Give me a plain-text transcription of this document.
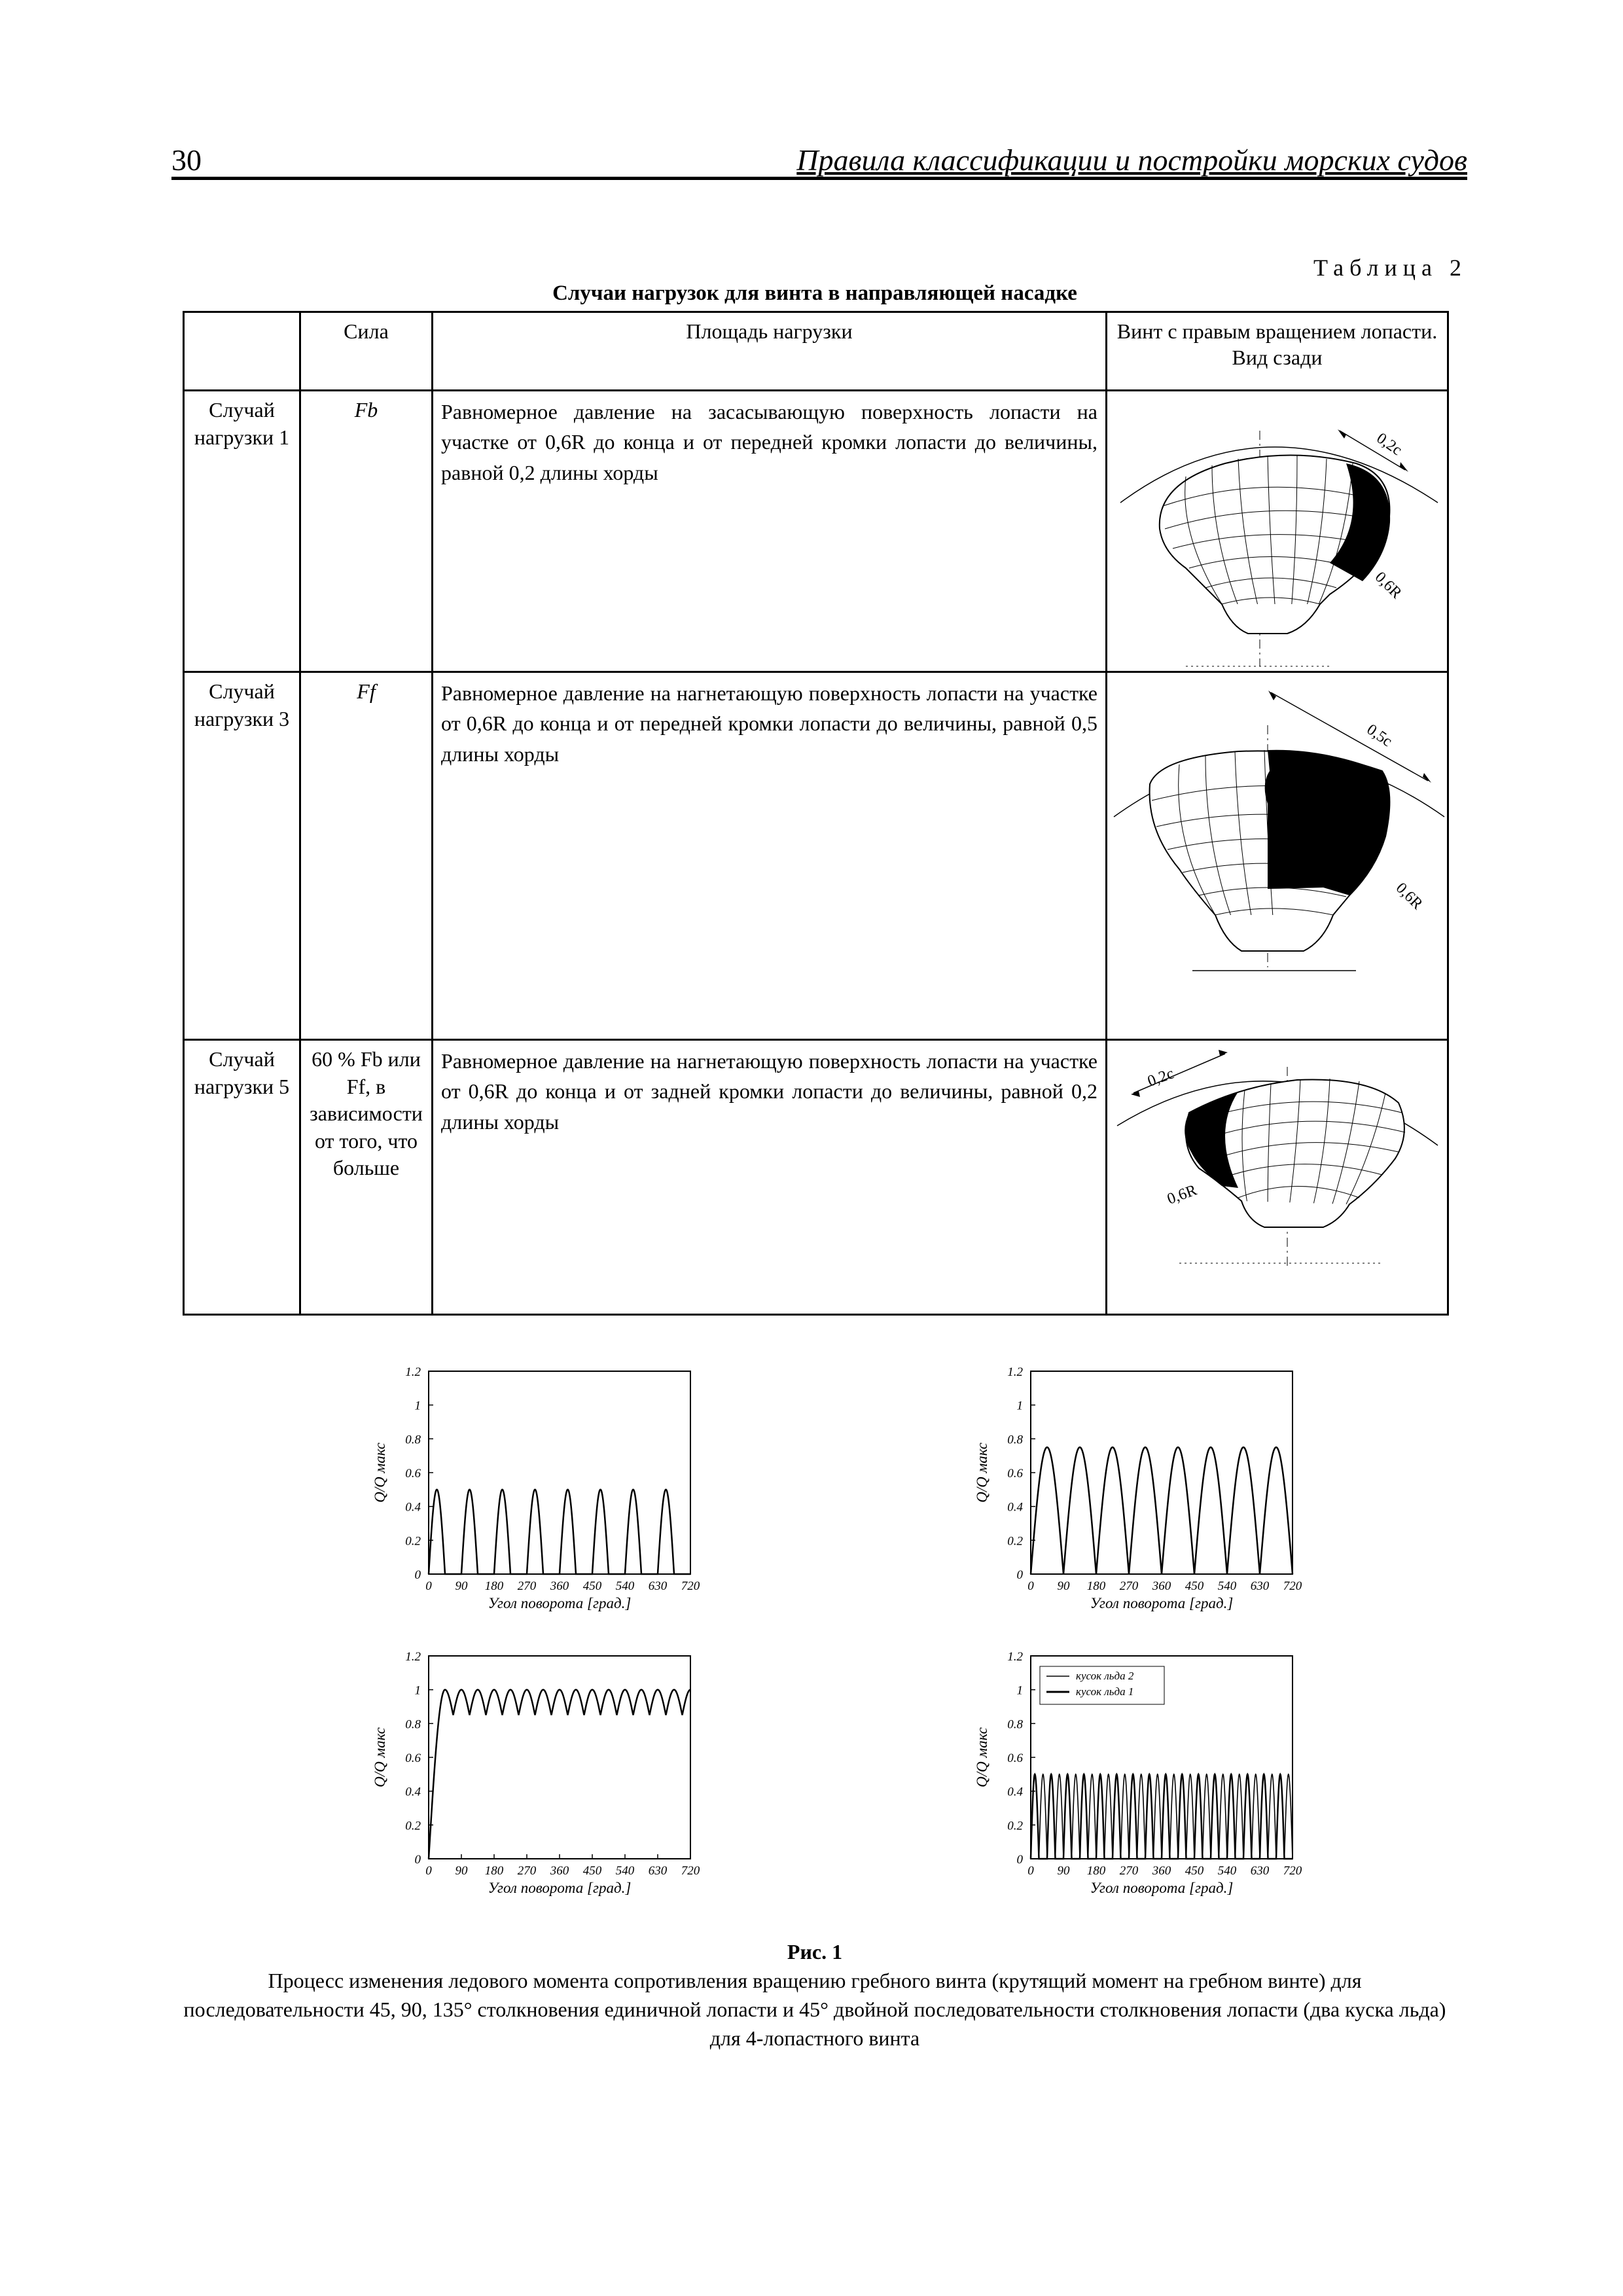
30	Правила классификации и постройки морских судов
Таблица 2
Случаи нагрузок для винта в направляющей насадке
	Сила	Площадь нагрузки	Винт с правым вращением лопасти. Вид сзади
Случай нагрузки 1	Fb	Равномерное давление на засасывающую поверхность лопасти на участке от 0,6R до конца и от передней кромки лопасти до величины, равной 0,2 длины хорды	0,2c
0,6R

Случай нагрузки 3	Ff	Равномерное давление на нагнетающую поверхность лопасти на участке от 0,6R до конца и от передней кромки лопасти до величины, равной 0,5 длины хорды	0,5c
0,6R

Случай нагрузки 5	60 % Fb или Ff, в зависимости от того, что больше	Равномерное давление на нагнетающую поверхность лопасти на участке от 0,6R до конца и от задней кромки лопасти до величины, равной 0,2 длины хорды	0,2c
0,6R
0
0.2
0.4
0.6
0.8
1
1.2
0 90 180 270 360 450 540 630 720
Угол поворота [град.]
Q/Q макс
0
0.2
0.4
0.6
0.8
1
1.2
0 90 180 270 360 450 540 630 720
Угол поворота [град.]
Q/Q макс
0
0.2
0.4
0.6
0.8
1
1.2
0 90 180 270 360 450 540 630 720
Угол поворота [град.]
Q/Q макс
0
0.2
0.4
0.6
0.8
1
1.2
0 90 180 270 360 450 540 630 720
Угол поворота [град.]
Q/Q макс
кусок льда 2
кусок льда 1
Рис. 1
Процесс изменения ледового момента сопротивления вращению гребного винта (крутящий момент на гребном винте) для последовательности 45, 90, 135° столкновения единичной лопасти и 45° двойной последовательности столкновения лопасти (два куска льда) для 4-лопастного винта
